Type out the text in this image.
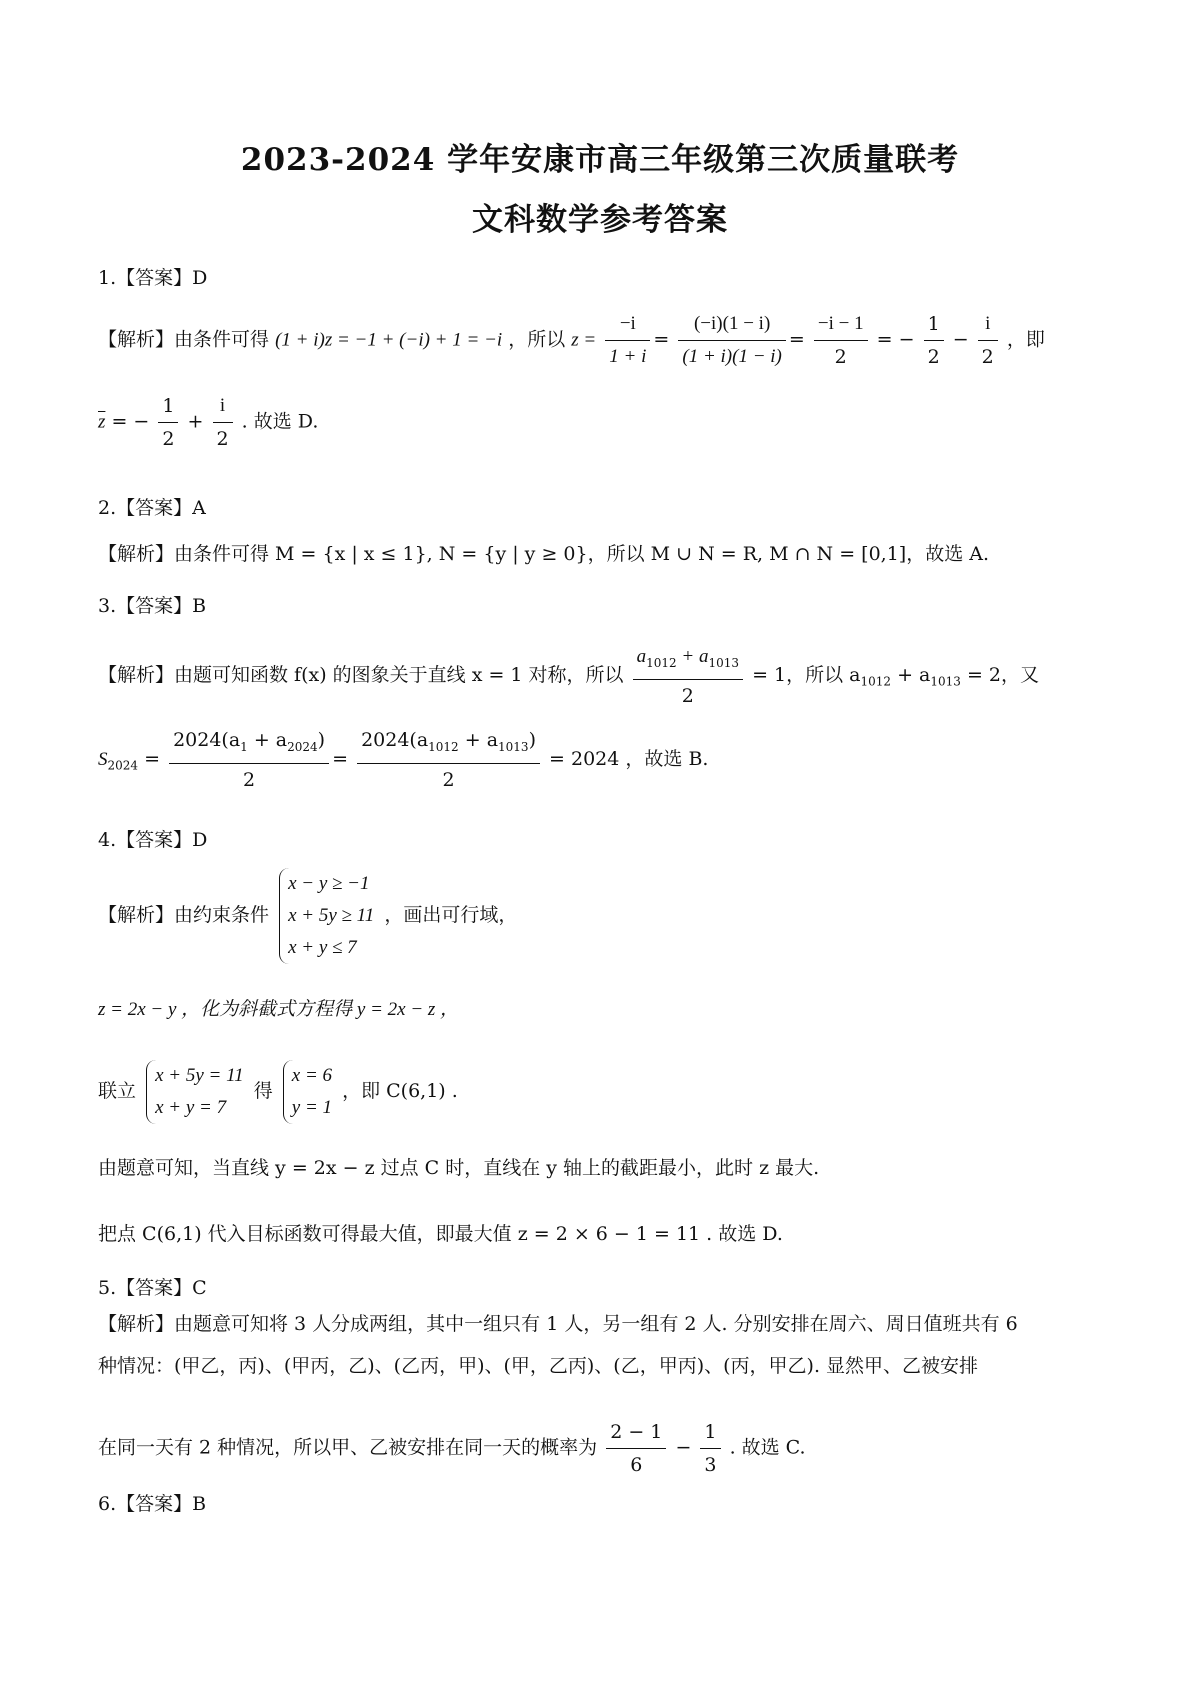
2023-2024 学年安康市高三年级第三次质量联考
文科数学参考答案
1.【答案】D
【解析】由条件可得 (1 + i)z = −1 + (−i) + 1 = −i ，所以 $z = \frac{-i}{1 + i} = \frac{(-i)(1 - i)}{(1 + i)(1 - i)} = \frac{-i - 1}{2}$ = − $\frac{1}{2} - \frac{i}{2}$ ，即
$\overline{z}$ = − $\frac{1}{2} + \frac{i}{2}$ . 故选 D.
2.【答案】A
【解析】由条件可得 M = {x | x ≤ 1}, N = {y | y ≥ 0}，所以 M ∪ N = R, M ∩ N = [0,1]，故选 A.
3.【答案】B
【解析】由题可知函数 f(x) 的图象关于直线 x = 1 对称，所以 $\frac{a_{1012} + a_{1013}}{2} = 1$，所以 $a_{1012} + a_{1013} = 2$，又
$S_{2024} = \frac{2024(a_1 + a_{2024})}{2} = \frac{2024(a_{1012} + a_{1013})}{2} = 2024$ ，故选 B.
4.【答案】D
【解析】由约束条件
x − y ≥ −1
x + 5y ≥ 11
x + y ≤ 7
，画出可行域，
z = 2x − y ，化为斜截式方程得 y = 2x − z ，
联立
x + 5y = 11
x + y = 7
得
x = 6
y = 1
，即 C(6,1) .
由题意可知，当直线 y = 2x − z 过点 C 时，直线在 y 轴上的截距最小，此时 z 最大.
把点 C(6,1) 代入目标函数可得最大值，即最大值 z = 2 × 6 − 1 = 11 . 故选 D.
5.【答案】C
【解析】由题意可知将 3 人分成两组，其中一组只有 1 人，另一组有 2 人. 分别安排在周六、周日值班共有 6
种情况：(甲乙，丙)、(甲丙，乙)、(乙丙，甲)、(甲，乙丙)、(乙，甲丙)、(丙，甲乙). 显然甲、乙被安排
在同一天有 2 种情况，所以甲、乙被安排在同一天的概率为 $\frac{2 - 1}{6} - \frac{1}{3}$ . 故选 C.
6.【答案】B
